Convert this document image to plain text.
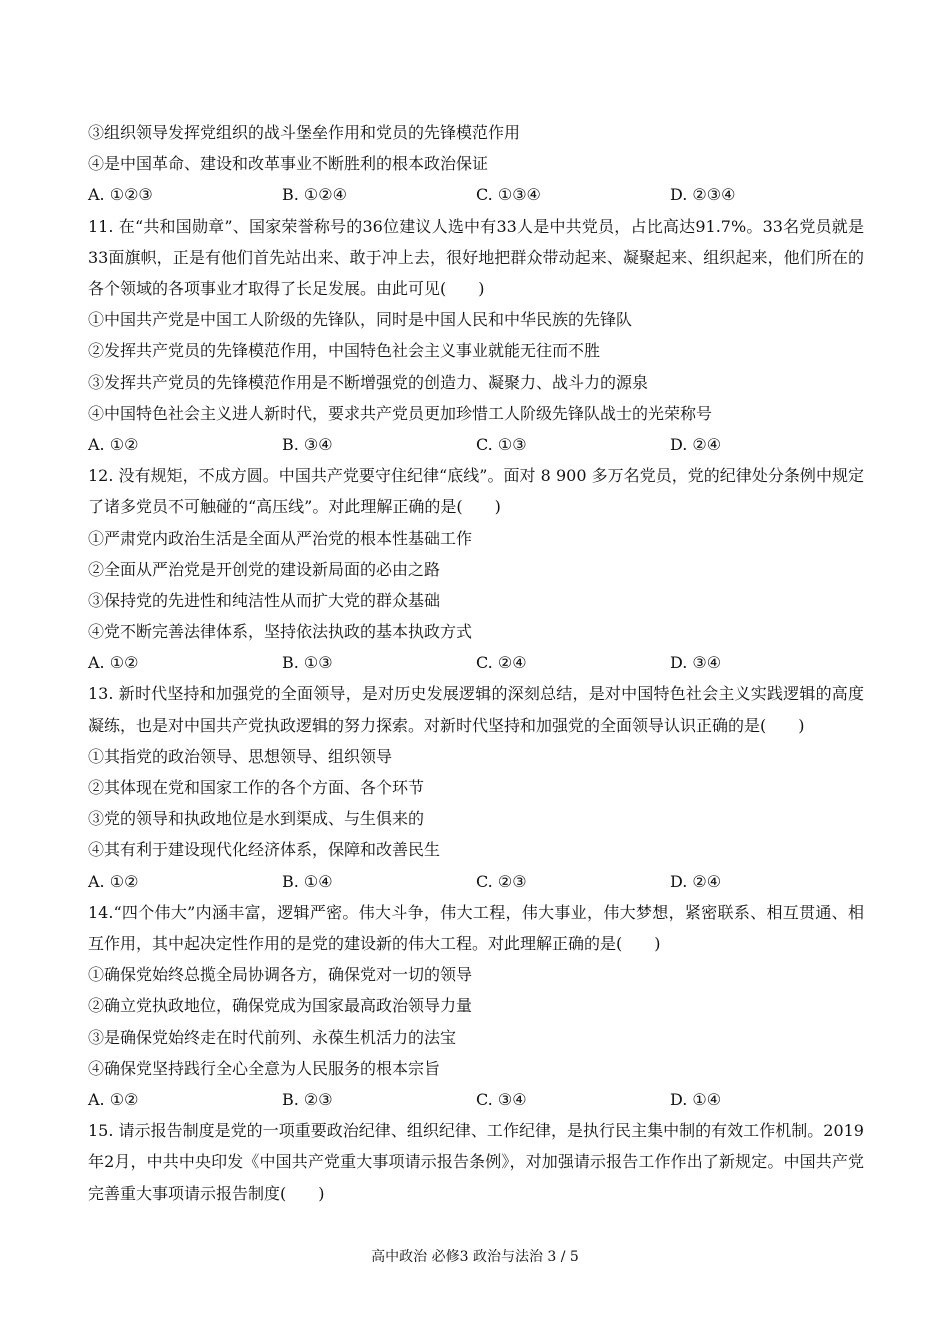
③组织领导发挥党组织的战斗堡垒作用和党员的先锋模范作用
④是中国革命、建设和改革事业不断胜利的根本政治保证
A. ①②③	B. ①②④	C. ①③④	D. ②③④
11. 在“共和国勋章”、国家荣誉称号的36位建议人选中有33人是中共党员，占比高达91.7%。33名党员就是33面旗帜，正是有他们首先站出来、敢于冲上去，很好地把群众带动起来、凝聚起来、组织起来，他们所在的各个领域的各项事业才取得了长足发展。由此可见(　　)
①中国共产党是中国工人阶级的先锋队，同时是中国人民和中华民族的先锋队
②发挥共产党员的先锋模范作用，中国特色社会主义事业就能无往而不胜
③发挥共产党员的先锋模范作用是不断增强党的创造力、凝聚力、战斗力的源泉
④中国特色社会主义进人新时代，要求共产党员更加珍惜工人阶级先锋队战士的光荣称号
A. ①②	B. ③④	C. ①③	D. ②④
12. 没有规矩，不成方圆。中国共产党要守住纪律“底线”。面对 8 900 多万名党员，党的纪律处分条例中规定了诸多党员不可触碰的“高压线”。对此理解正确的是(　　)
①严肃党内政治生活是全面从严治党的根本性基础工作
②全面从严治党是开创党的建设新局面的必由之路
③保持党的先进性和纯洁性从而扩大党的群众基础
④党不断完善法律体系，坚持依法执政的基本执政方式
A. ①②	B. ①③	C. ②④	D. ③④
13. 新时代坚持和加强党的全面领导，是对历史发展逻辑的深刻总结，是对中国特色社会主义实践逻辑的高度凝练，也是对中国共产党执政逻辑的努力探索。对新时代坚持和加强党的全面领导认识正确的是(　　)
①其指党的政治领导、思想领导、组织领导
②其体现在党和国家工作的各个方面、各个环节
③党的领导和执政地位是水到渠成、与生俱来的
④其有利于建设现代化经济体系，保障和改善民生
A. ①②	B. ①④	C. ②③	D. ②④
14.“四个伟大”内涵丰富，逻辑严密。伟大斗争，伟大工程，伟大事业，伟大梦想，紧密联系、相互贯通、相互作用，其中起决定性作用的是党的建设新的伟大工程。对此理解正确的是(　　)
①确保党始终总揽全局协调各方，确保党对一切的领导
②确立党执政地位，确保党成为国家最高政治领导力量
③是确保党始终走在时代前列、永葆生机活力的法宝
④确保党坚持践行全心全意为人民服务的根本宗旨
A. ①②	B. ②③	C. ③④	D. ①④
15. 请示报告制度是党的一项重要政治纪律、组织纪律、工作纪律，是执行民主集中制的有效工作机制。2019年2月，中共中央印发《中国共产党重大事项请示报告条例》，对加强请示报告工作作出了新规定。中国共产党完善重大事项请示报告制度(　　)
高中政治 必修3 政治与法治 3 / 5
